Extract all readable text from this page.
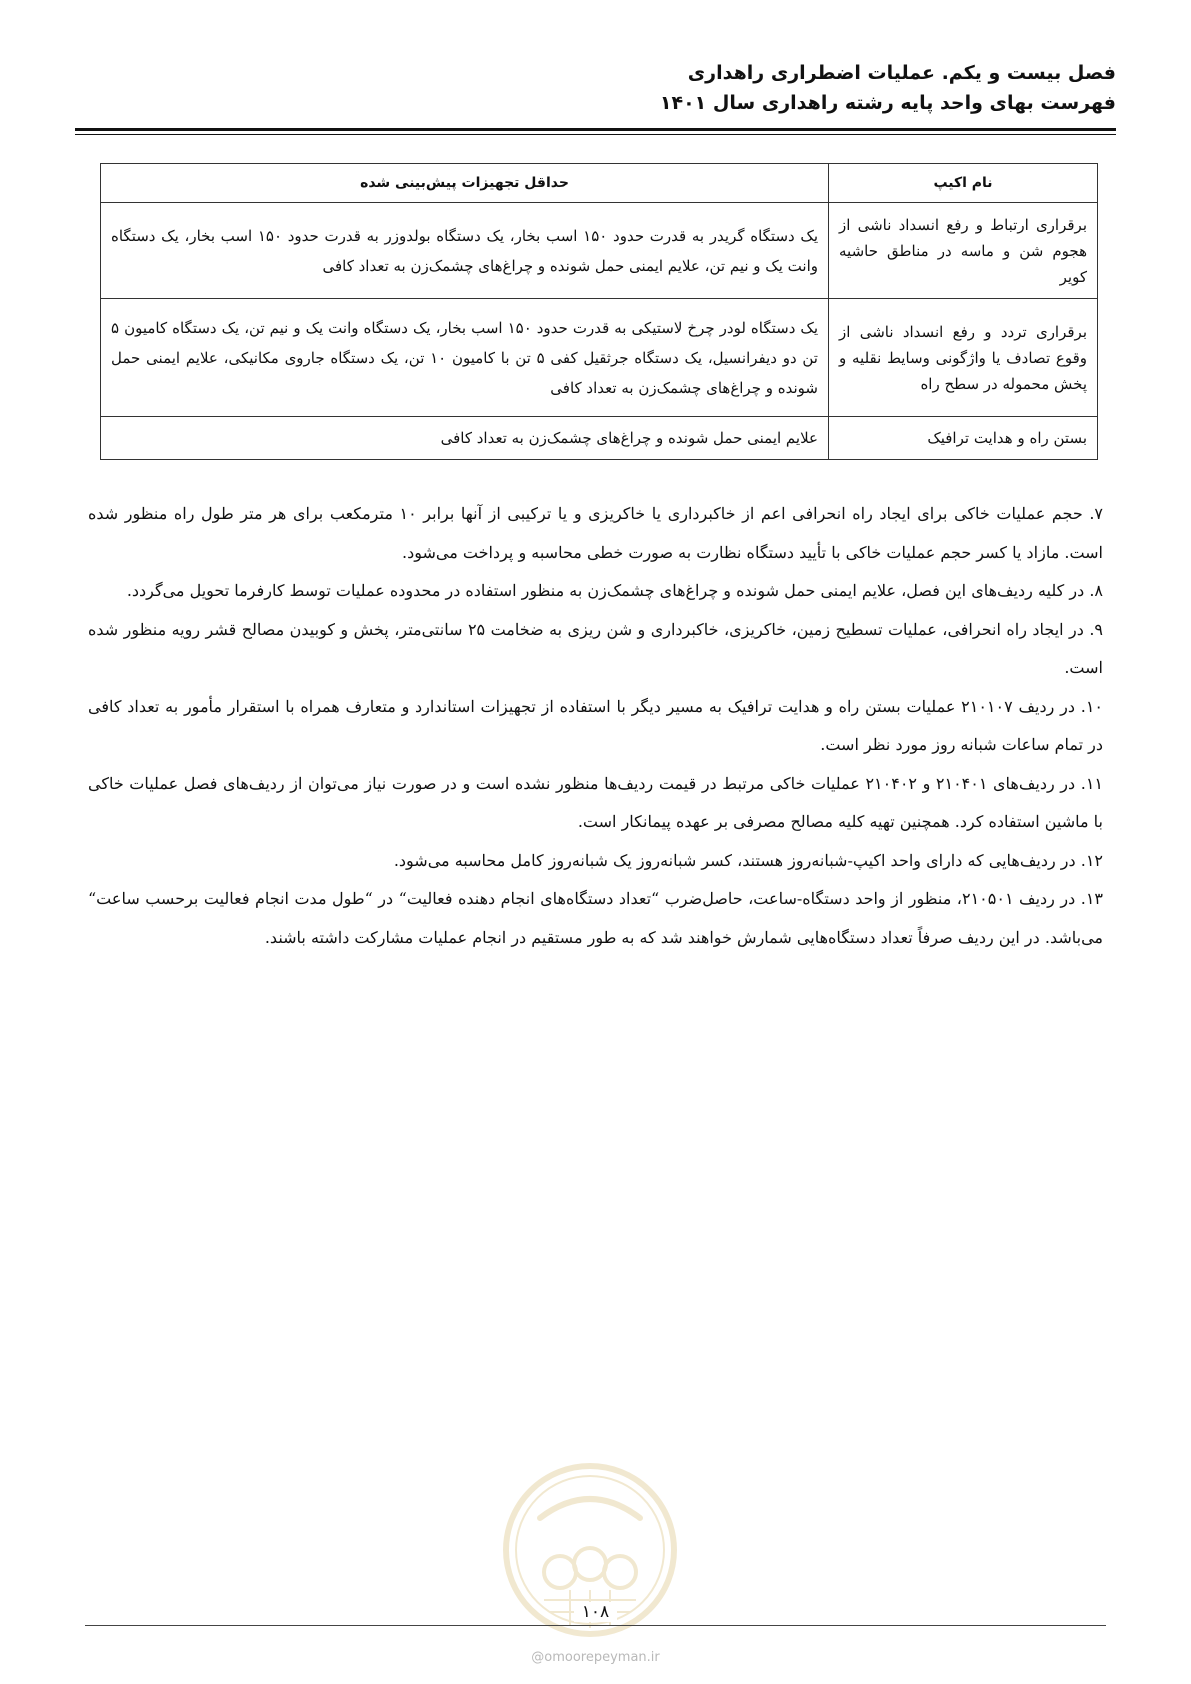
فصل بیست و یکم. عملیات اضطراری راهداری
فهرست بهای واحد پایه رشته راهداری سال ۱۴۰۱
نام اکیپ	حداقل تجهیزات پیش‌بینی شده
برقراری ارتباط و رفع انسداد ناشی از هجوم شن و ماسه در مناطق حاشیه کویر	یک دستگاه گریدر به قدرت حدود ۱۵۰ اسب بخار، یک دستگاه بولدوزر به قدرت حدود ۱۵۰ اسب بخار، یک دستگاه وانت یک و نیم تن، علایم ایمنی حمل شونده و چراغ‌های چشمک‌زن به تعداد کافی
برقراری تردد و رفع انسداد ناشی از وقوع تصادف یا واژگونی وسایط نقلیه و پخش محموله در سطح راه	یک دستگاه لودر چرخ لاستیکی به قدرت حدود ۱۵۰ اسب بخار، یک دستگاه وانت یک و نیم تن، یک دستگاه کامیون ۵ تن دو دیفرانسیل، یک دستگاه جرثقیل کفی ۵ تن با کامیون ۱۰ تن، یک دستگاه جاروی مکانیکی، علایم ایمنی حمل شونده و چراغ‌های چشمک‌زن به تعداد کافی
بستن راه و هدایت ترافیک	علایم ایمنی حمل شونده و چراغ‌های چشمک‌زن به تعداد کافی

۷. حجم عملیات خاکی برای ایجاد راه انحرافی اعم از خاکبرداری یا خاکریزی و یا ترکیبی از آنها برابر ۱۰ مترمکعب برای هر متر طول راه منظور شده است. مازاد یا کسر حجم عملیات خاکی با تأیید دستگاه نظارت به صورت خطی محاسبه و پرداخت می‌شود.

۸. در کلیه ردیف‌های این فصل، علایم ایمنی حمل شونده و چراغ‌های چشمک‌زن به منظور استفاده در محدوده عملیات توسط کارفرما تحویل می‌گردد.

۹. در ایجاد راه انحرافی، عملیات تسطیح زمین، خاکریزی، خاکبرداری و شن ریزی به ضخامت ۲۵ سانتی‌متر، پخش و کوبیدن مصالح قشر رویه منظور شده است.

۱۰. در ردیف ۲۱۰۱۰۷ عملیات بستن راه و هدایت ترافیک به مسیر دیگر با استفاده از تجهیزات استاندارد و متعارف همراه با استقرار مأمور به تعداد کافی در تمام ساعات شبانه روز مورد نظر است.

۱۱. در ردیف‌های ۲۱۰۴۰۱ و ۲۱۰۴۰۲ عملیات خاکی مرتبط در قیمت ردیف‌ها منظور نشده است و در صورت نیاز می‌توان از ردیف‌های فصل عملیات خاکی با ماشین استفاده کرد. همچنین تهیه کلیه مصالح مصرفی بر عهده پیمانکار است.

۱۲. در ردیف‌هایی که دارای واحد اکیپ-شبانه‌روز هستند، کسر شبانه‌روز یک شبانه‌روز کامل محاسبه می‌شود.

۱۳. در ردیف ۲۱۰۵۰۱، منظور از واحد دستگاه-ساعت، حاصل‌ضرب “تعداد دستگاه‌های انجام دهنده فعالیت“ در “طول مدت انجام فعالیت برحسب ساعت“ می‌باشد. در این ردیف صرفاً تعداد دستگاه‌هایی شمارش خواهند شد که به طور مستقیم در انجام عملیات مشارکت داشته باشند.

۱۰۸
@omoorepeyman.ir
